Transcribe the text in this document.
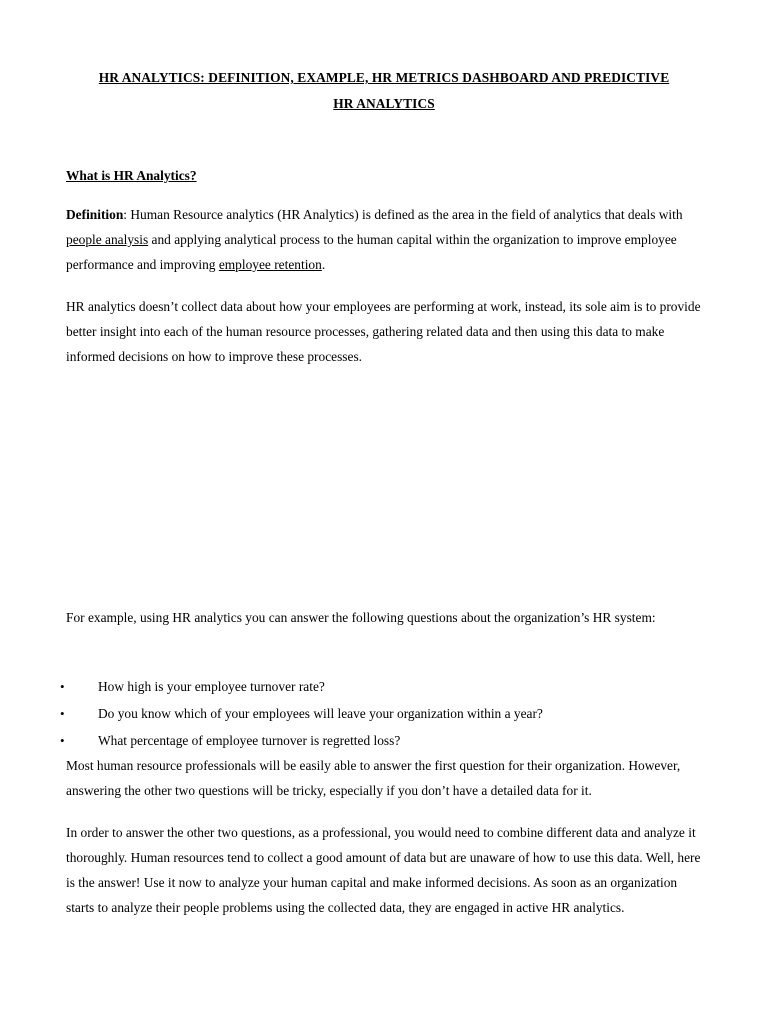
HR ANALYTICS: DEFINITION, EXAMPLE, HR METRICS DASHBOARD AND PREDICTIVE
HR ANALYTICS
What is HR Analytics?

Definition: Human Resource analytics (HR Analytics) is defined as the area in the field of analytics that deals with people analysis and applying analytical process to the human capital within the organization to improve employee performance and improving employee retention.

HR analytics doesn’t collect data about how your employees are performing at work, instead, its sole aim is to provide better insight into each of the human resource processes, gathering related data and then using this data to make informed decisions on how to improve these processes.

For example, using HR analytics you can answer the following questions about the organization’s HR system:

• How high is your employee turnover rate?
• Do you know which of your employees will leave your organization within a year?
• What percentage of employee turnover is regretted loss?

Most human resource professionals will be easily able to answer the first question for their organization. However, answering the other two questions will be tricky, especially if you don’t have a detailed data for it.

In order to answer the other two questions, as a professional, you would need to combine different data and analyze it thoroughly. Human resources tend to collect a good amount of data but are unaware of how to use this data. Well, here is the answer! Use it now to analyze your human capital and make informed decisions. As soon as an organization starts to analyze their people problems using the collected data, they are engaged in active HR analytics.
